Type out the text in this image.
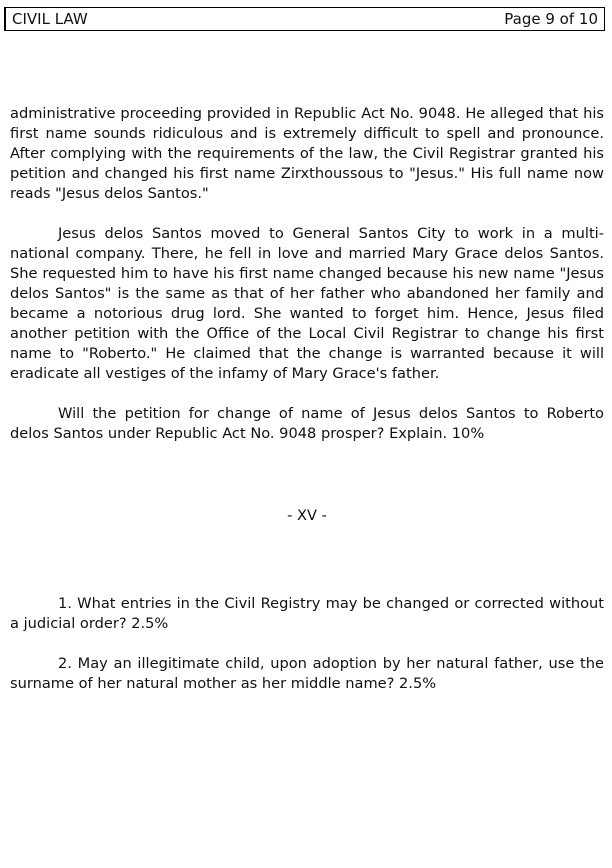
CIVIL LAW	Page 9 of 10

administrative proceeding provided in Republic Act No. 9048. He alleged that his first name sounds ridiculous and is extremely difficult to spell and pronounce. After complying with the requirements of the law, the Civil Registrar granted his petition and changed his first name Zirxthoussous to "Jesus." His full name now reads "Jesus delos Santos."

Jesus delos Santos moved to General Santos City to work in a multi-national company. There, he fell in love and married Mary Grace delos Santos. She requested him to have his first name changed because his new name "Jesus delos Santos" is the same as that of her father who abandoned her family and became a notorious drug lord. She wanted to forget him. Hence, Jesus filed another petition with the Office of the Local Civil Registrar to change his first name to "Roberto." He claimed that the change is warranted because it will eradicate all vestiges of the infamy of Mary Grace's father.

Will the petition for change of name of Jesus delos Santos to Roberto delos Santos under Republic Act No. 9048 prosper? Explain. 10%

- XV -

1. What entries in the Civil Registry may be changed or corrected without a judicial order? 2.5%

2. May an illegitimate child, upon adoption by her natural father, use the surname of her natural mother as her middle name? 2.5%
